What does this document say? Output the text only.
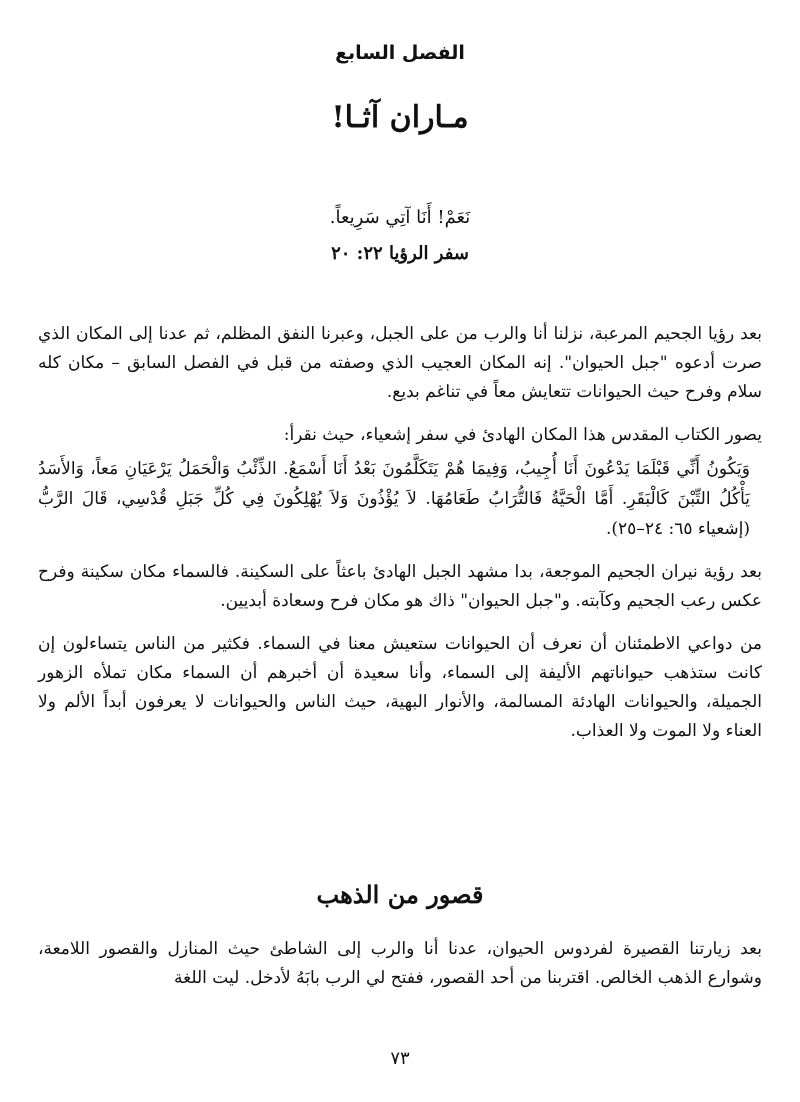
الفصل السابع
مـاران آثـا!
نَعَمْ! أَنَا آتِي سَرِيعاً.
سفر الرؤيا ٢٢: ٢٠

بعد رؤيا الجحيم المرعبة، نزلنا أنا والرب من على الجبل، وعبرنا النفق المظلم، ثم عدنا إلى المكان الذي صرت أدعوه "جبل الحيوان". إنه المكان العجيب الذي وصفته من قبل في الفصل السابق – مكان كله سلام وفرح حيث الحيوانات تتعايش معاً في تناغم بديع.

يصور الكتاب المقدس هذا المكان الهادئ في سفر إشعياء، حيث نقرأ:

وَيَكُونُ أَنِّي قَبْلَمَا يَدْعُونَ أَنَا أُجِيبُ، وَفِيمَا هُمْ يَتَكَلَّمُونَ بَعْدُ أَنَا أَسْمَعُ. الذِّئْبُ وَالْحَمَلُ يَرْعَيَانِ مَعاً، وَالأَسَدُ يَأْكُلُ التِّبْنَ كَالْبَقَرِ. أَمَّا الْحَيَّةُ فَالتُّرَابُ طَعَامُهَا. لاَ يُؤْذُونَ وَلاَ يُهْلِكُونَ فِي كُلِّ جَبَلِ قُدْسِي، قَالَ الرَّبُّ (إشعياء ٦٥: ٢٤–٢٥).

بعد رؤية نيران الجحيم الموجعة، بدا مشهد الجبل الهادئ باعثاً على السكينة. فالسماء مكان سكينة وفرح عكس رعب الجحيم وكآبته. و"جبل الحيوان" ذاك هو مكان فرح وسعادة أبديين.

من دواعي الاطمئنان أن نعرف أن الحيوانات ستعيش معنا في السماء. فكثير من الناس يتساءلون إن كانت ستذهب حيواناتهم الأليفة إلى السماء، وأنا سعيدة أن أخبرهم أن السماء مكان تملأه الزهور الجميلة، والحيوانات الهادئة المسالمة، والأنوار البهية، حيث الناس والحيوانات لا يعرفون أبداً الألم ولا العناء ولا الموت ولا العذاب.

قصور من الذهب

بعد زيارتنا القصيرة لفردوس الحيوان، عدنا أنا والرب إلى الشاطئ حيث المنازل والقصور اللامعة، وشوارع الذهب الخالص. اقتربنا من أحد القصور، ففتح لي الرب بابَهُ لأدخل. ليت اللغة

٧٣
